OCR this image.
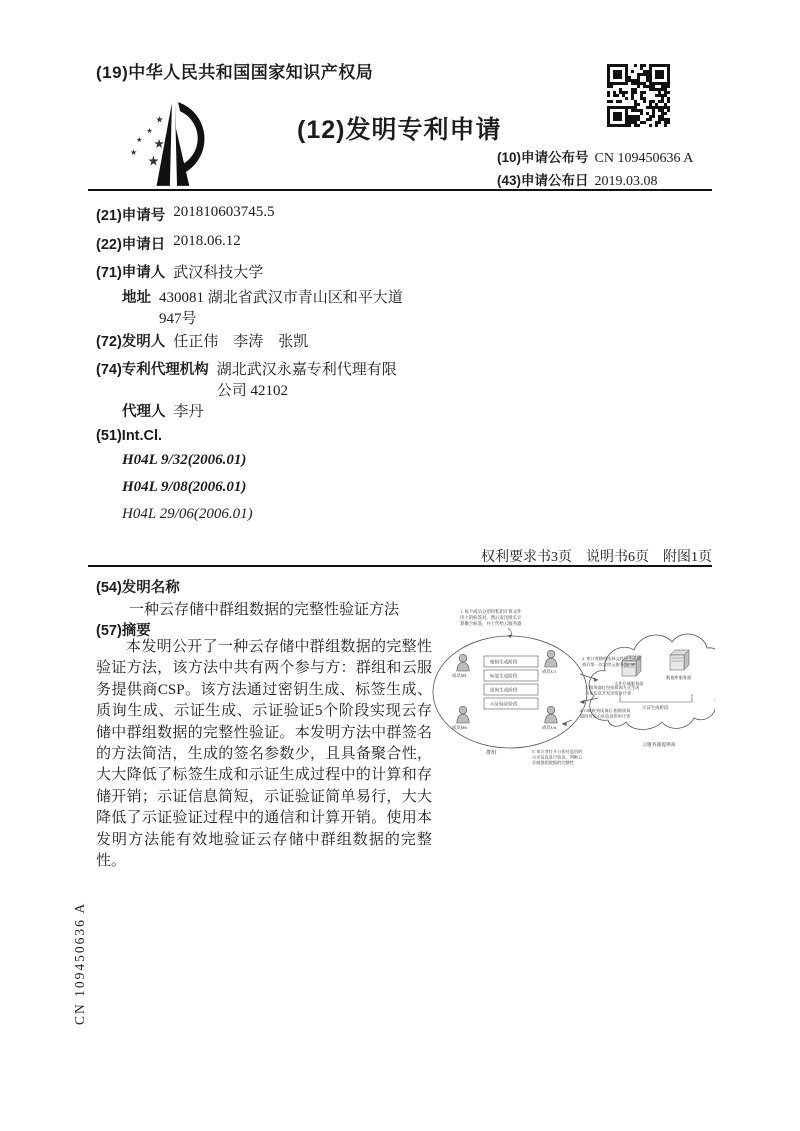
(19)中华人民共和国国家知识产权局
★
★
★ ★
★
★
(12)发明专利申请
(10)申请公布号 CN 109450636 A
(43)申请公布日 2019.03.08
(21)申请号 201810603745.5
(22)申请日 2018.06.12
(71)申请人 武汉科技大学
地址 430081 湖北省武汉市青山区和平大道947号
(72)发明人 任正伟　李涛　张凯
(74)专利代理机构 湖北武汉永嘉专利代理有限公司 42102
代理人 李丹
(51)Int.Cl.
H04L 9/32(2006.01)
H04L 9/08(2006.01)
H04L 29/06(2006.01)
权利要求书3页　说明书6页　附图1页
(54)发明名称
一种云存储中群组数据的完整性验证方法
(57)摘要
本发明公开了一种云存储中群组数据的完整性验证方法，该方法中共有两个参与方：群组和云服务提供商CSP。该方法通过密钥生成、标签生成、质询生成、示证生成、示证验证5个阶段实现云存储中群组数据的完整性验证。本发明方法中群签名的方法简洁，生成的签名参数少，且具备聚合性，大大降低了标签生成和示证生成过程中的计算和存储开销；示证信息简短，示证验证简单易行，大大降低了示证验证过程中的通信和计算开销。使用本发明方法能有效地验证云存储中群组数据的完整性。
1. 每个成员分别用私钥计算文件
块上的标签对，然后发送组长计
算聚合标签，并上传给云服务器
成员M1
成员Mn
成员U1
成员Un
密钥生成阶段
标签生成阶段
质询生成阶段
示证验证阶段
文件存储服务器
数据库服务器
示证生成阶段
2. 审计者随机选择文件块生成质
询后第一次发给云服务器CSP
3. 服务器打包按质询方式生成
示证信息并发送给审计者
4. CSP收到质询后,根据质询
返回对应示证信息给审计者
5. 审计者打开公钥对返回的
示证信息进行验证，判断云
存储群组数据的完整性
群组
云服务器提供商
CN 109450636 A
